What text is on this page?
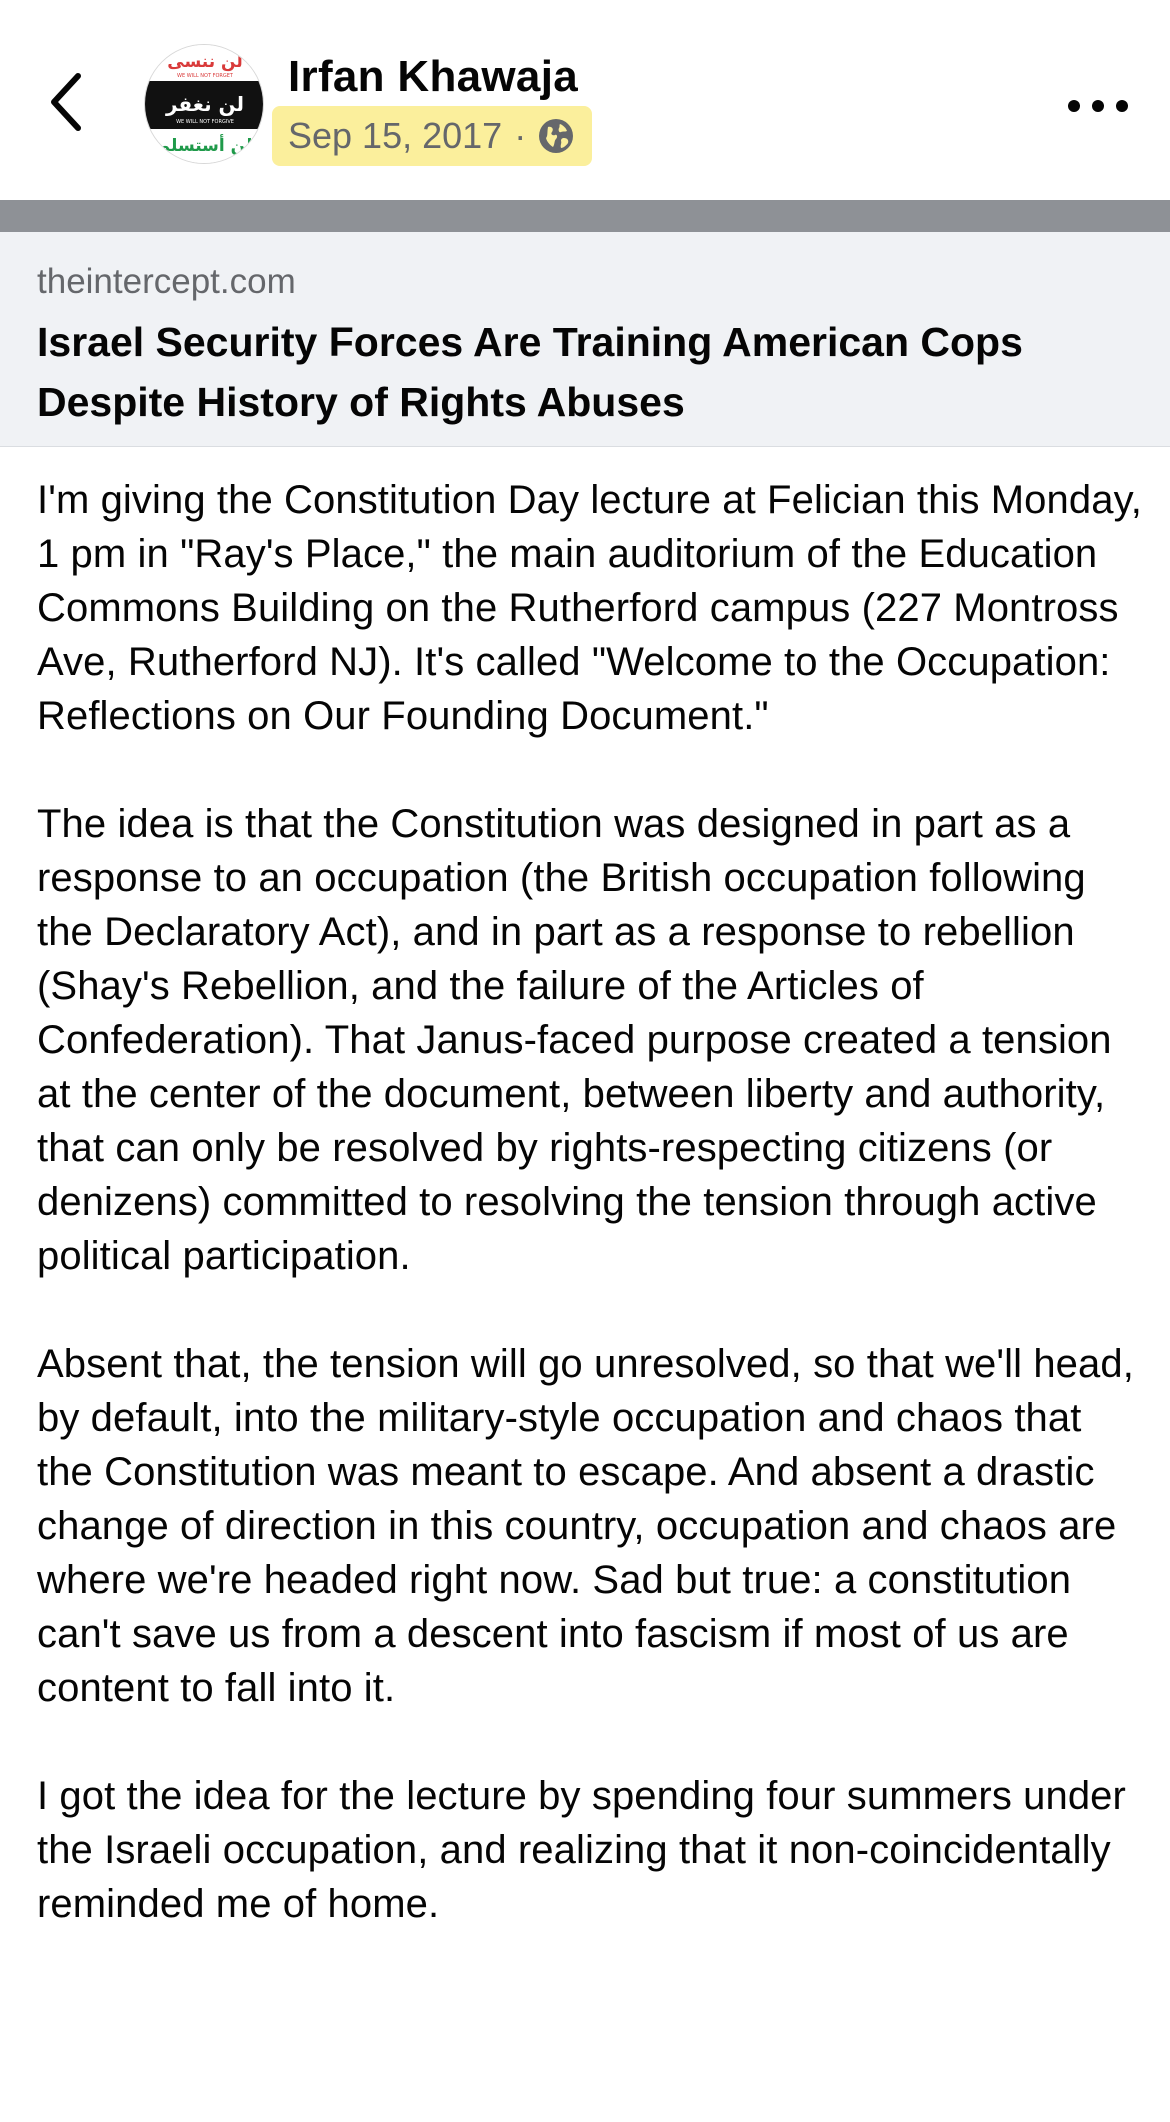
لن ننسى
WE WILL NOT FORGET
لن نغفر
WE WILL NOT FORGIVE
لن أستسلم
Irfan Khawaja
Sep 15, 2017 ·
theintercept.com
Israel Security Forces Are Training American Cops Despite History of Rights Abuses

I'm giving the Constitution Day lecture at Felician this Monday, 1 pm in "Ray's Place," the main auditorium of the Education Commons Building on the Rutherford campus (227 Montross Ave, Rutherford NJ). It's called "Welcome to the Occupation: Reflections on Our Founding Document."

The idea is that the Constitution was designed in part as a response to an occupation (the British occupation following the Declaratory Act), and in part as a response to rebellion (Shay's Rebellion, and the failure of the Articles of Confederation). That Janus-faced purpose created a tension at the center of the document, between liberty and authority, that can only be resolved by rights-respecting citizens (or denizens) committed to resolving the tension through active political participation.

Absent that, the tension will go unresolved, so that we'll head, by default, into the military-style occupation and chaos that the Constitution was meant to escape. And absent a drastic change of direction in this country, occupation and chaos are where we're headed right now. Sad but true: a constitution can't save us from a descent into fascism if most of us are content to fall into it.

I got the idea for the lecture by spending four summers under the Israeli occupation, and realizing that it non-coincidentally reminded me of home.
